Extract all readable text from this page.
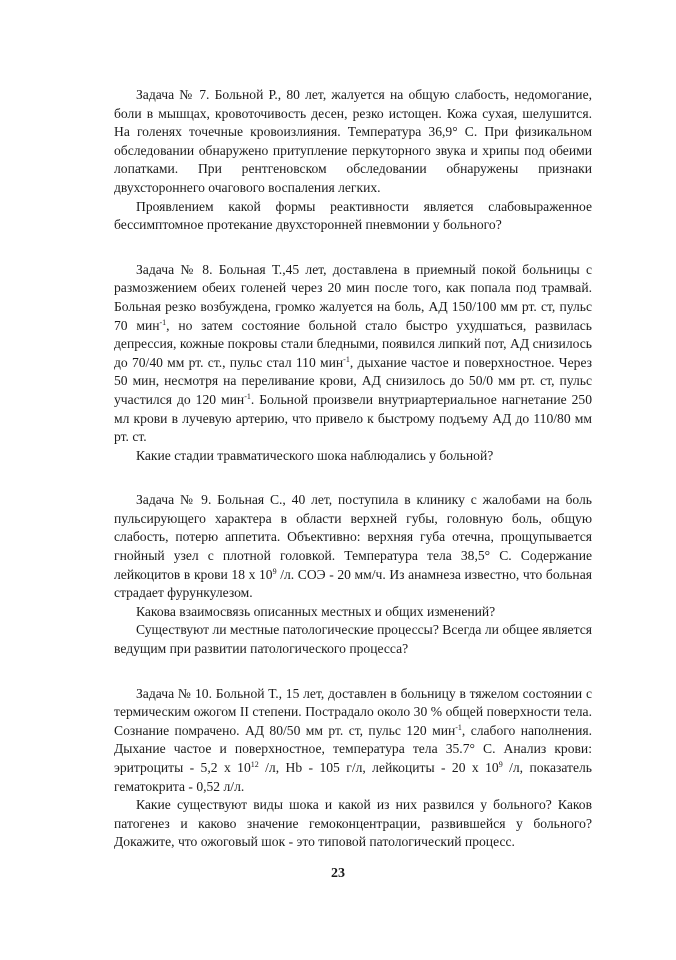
Задача № 7. Больной Р., 80 лет, жалуется на общую слабость, недомогание, боли в мышцах, кровоточивость десен, резко истощен. Кожа сухая, шелушится. На голенях точечные кровоизлияния. Температура 36,9° С. При физикальном обследовании обнаружено притупление перкуторного звука и хрипы под обеими лопатками. При рентгеновском обследовании обнаружены признаки двухстороннего очагового воспаления легких.

Проявлением какой формы реактивности является слабовыраженное бессимптомное протекание двухсторонней пневмонии у больного?

Задача № 8. Больная Т.,45 лет, доставлена в приемный покой больницы с размозжением обеих голеней через 20 мин после того, как попала под трамвай. Больная резко возбуждена, громко жалуется на боль, АД 150/100 мм рт. ст, пульс 70 мин$^{-1}$, но затем состояние больной стало быстро ухудшаться, развилась депрессия, кожные покровы стали бледными, появился липкий пот, АД снизилось до 70/40 мм рт. ст., пульс стал 110 мин$^{-1}$, дыхание частое и поверхностное. Через 50 мин, несмотря на переливание крови, АД снизилось до 50/0 мм рт. ст, пульс участился до 120 мин$^{-1}$. Больной произвели внутриартериальное нагнетание 250 мл крови в лучевую артерию, что привело к быстрому подъему АД до 110/80 мм рт. ст.

Какие стадии травматического шока наблюдались у больной?

Задача № 9. Больная С., 40 лет, поступила в клинику с жалобами на боль пульсирующего характера в области верхней губы, головную боль, общую слабость, потерю аппетита. Объективно: верхняя губа отечна, прощупывается гнойный узел с плотной головкой. Температура тела 38,5° С. Содержание лейкоцитов в крови 18 х $10^9$ /л. СОЭ - 20 мм/ч. Из анамнеза известно, что больная страдает фурункулезом.

Какова взаимосвязь описанных местных и общих изменений?

Существуют ли местные патологические процессы? Всегда ли общее является ведущим при развитии патологического процесса?

Задача № 10. Больной Т., 15 лет, доставлен в больницу в тяжелом состоянии с термическим ожогом II степени. Пострадало около 30 % общей поверхности тела. Сознание помрачено. АД 80/50 мм рт. ст, пульс 120 мин$^{-1}$, слабого наполнения. Дыхание частое и поверхностное, температура тела 35.7° С. Анализ крови: эритроциты - 5,2 х $10^{12}$ /л, Hb - 105 г/л, лейкоциты - 20 х $10^9$ /л, показатель гематокрита - 0,52 л/л.

Какие существуют виды шока и какой из них развился у больного? Каков патогенез и каково значение гемоконцентрации, развившейся у больного? Докажите, что ожоговый шок - это типовой патологический процесс.

23
